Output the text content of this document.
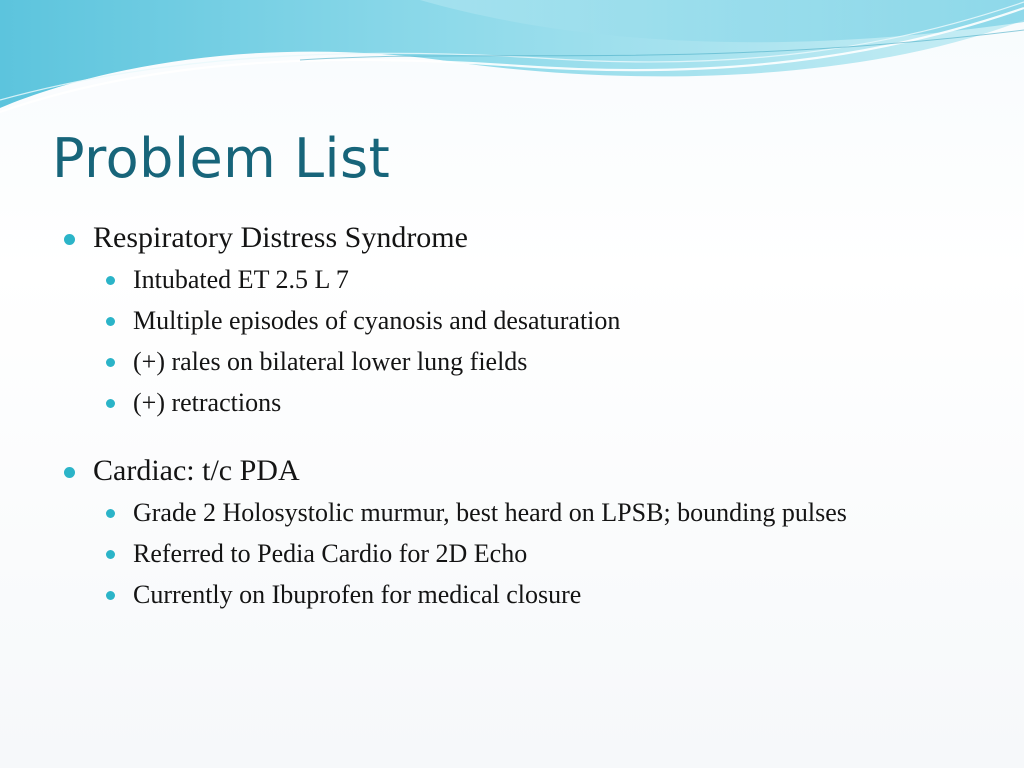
Problem List
Respiratory Distress Syndrome
Intubated ET 2.5 L 7
Multiple episodes of cyanosis and desaturation
(+) rales on bilateral lower lung fields
(+) retractions
Cardiac: t/c PDA
Grade 2 Holosystolic murmur, best heard on LPSB; bounding pulses
Referred to Pedia Cardio for 2D Echo
Currently on Ibuprofen for medical closure
